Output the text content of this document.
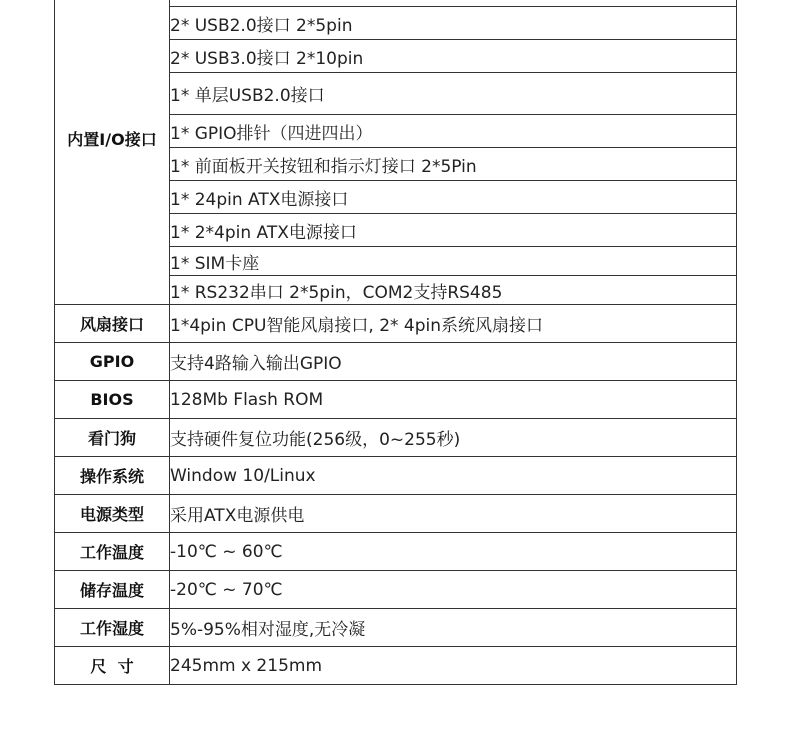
内置I/O接口	
	2* USB2.0接口 2*5pin
	2* USB3.0接口 2*10pin
	1* 单层USB2.0接口
	1* GPIO排针（四进四出）
	1* 前面板开关按钮和指示灯接口 2*5Pin
	1* 24pin ATX电源接口
	1* 2*4pin ATX电源接口
	1* SIM卡座
	1* RS232串口 2*5pin，COM2支持RS485
风扇接口	1*4pin CPU智能风扇接口, 2* 4pin系统风扇接口
GPIO	支持4路输入输出GPIO
BIOS	128Mb Flash ROM
看门狗	支持硬件复位功能(256级，0~255秒)
操作系统	Window 10/Linux
电源类型	采用ATX电源供电
工作温度	-10℃ ~ 60℃
储存温度	-20℃ ~ 70℃
工作湿度	5%-95%相对湿度,无冷凝
尺  寸	245mm x 215mm
